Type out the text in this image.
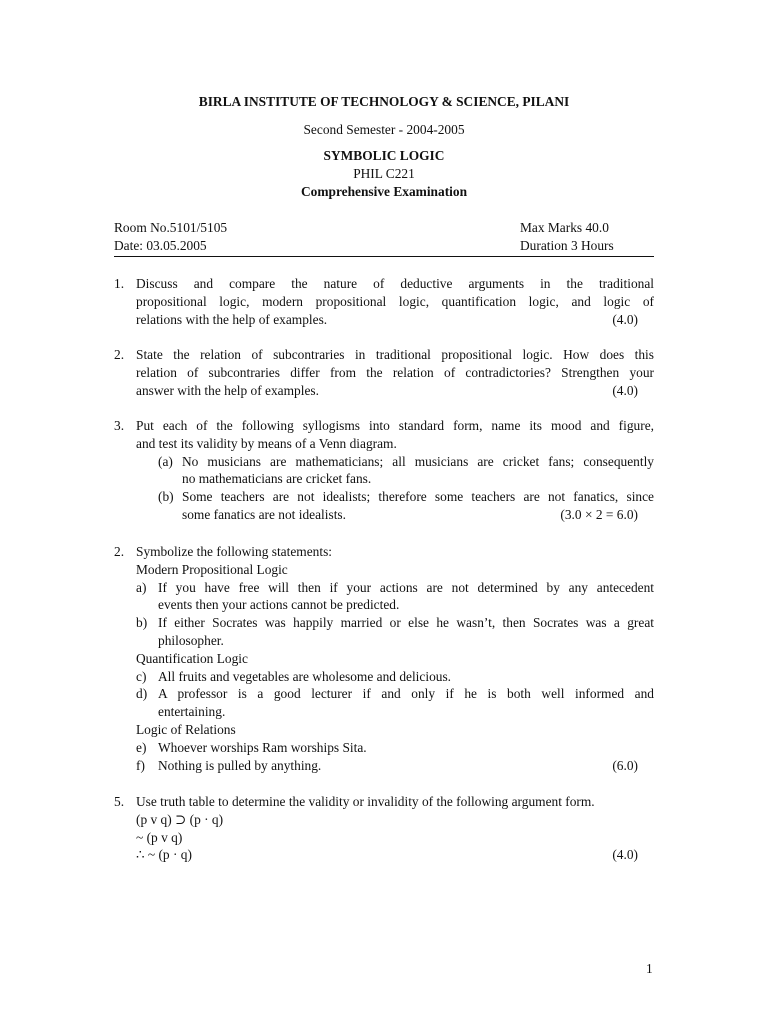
BIRLA INSTITUTE OF TECHNOLOGY & SCIENCE, PILANI
Second Semester - 2004-2005
SYMBOLIC LOGIC
PHIL C221
Comprehensive Examination
Room No.5101/5105	Max Marks 40.0
Date: 03.05.2005	Duration 3 Hours
1. Discuss and compare the nature of deductive arguments in the traditional
propositional logic, modern propositional logic, quantification logic, and logic of
relations with the help of examples.	(4.0)
2. State the relation of subcontraries in traditional propositional logic. How does this
relation of subcontraries differ from the relation of contradictories? Strengthen your
answer with the help of examples.	(4.0)
3. Put each of the following syllogisms into standard form, name its mood and figure,
and test its validity by means of a Venn diagram.
(a) No musicians are mathematicians; all musicians are cricket fans; consequently
no mathematicians are cricket fans.
(b) Some teachers are not idealists; therefore some teachers are not fanatics, since
some fanatics are not idealists.	(3.0 × 2 = 6.0)
2. Symbolize the following statements:
Modern Propositional Logic
a) If you have free will then if your actions are not determined by any antecedent
events then your actions cannot be predicted.
b) If either Socrates was happily married or else he wasn’t, then Socrates was a great
philosopher.
Quantification Logic
c) All fruits and vegetables are wholesome and delicious.
d) A professor is a good lecturer if and only if he is both well informed and
entertaining.
Logic of Relations
e) Whoever worships Ram worships Sita.
f) Nothing is pulled by anything.	(6.0)
5. Use truth table to determine the validity or invalidity of the following argument form.
(p v q) ⊃ (p · q)
~ (p v q)
∴ ~ (p · q)	(4.0)
1
